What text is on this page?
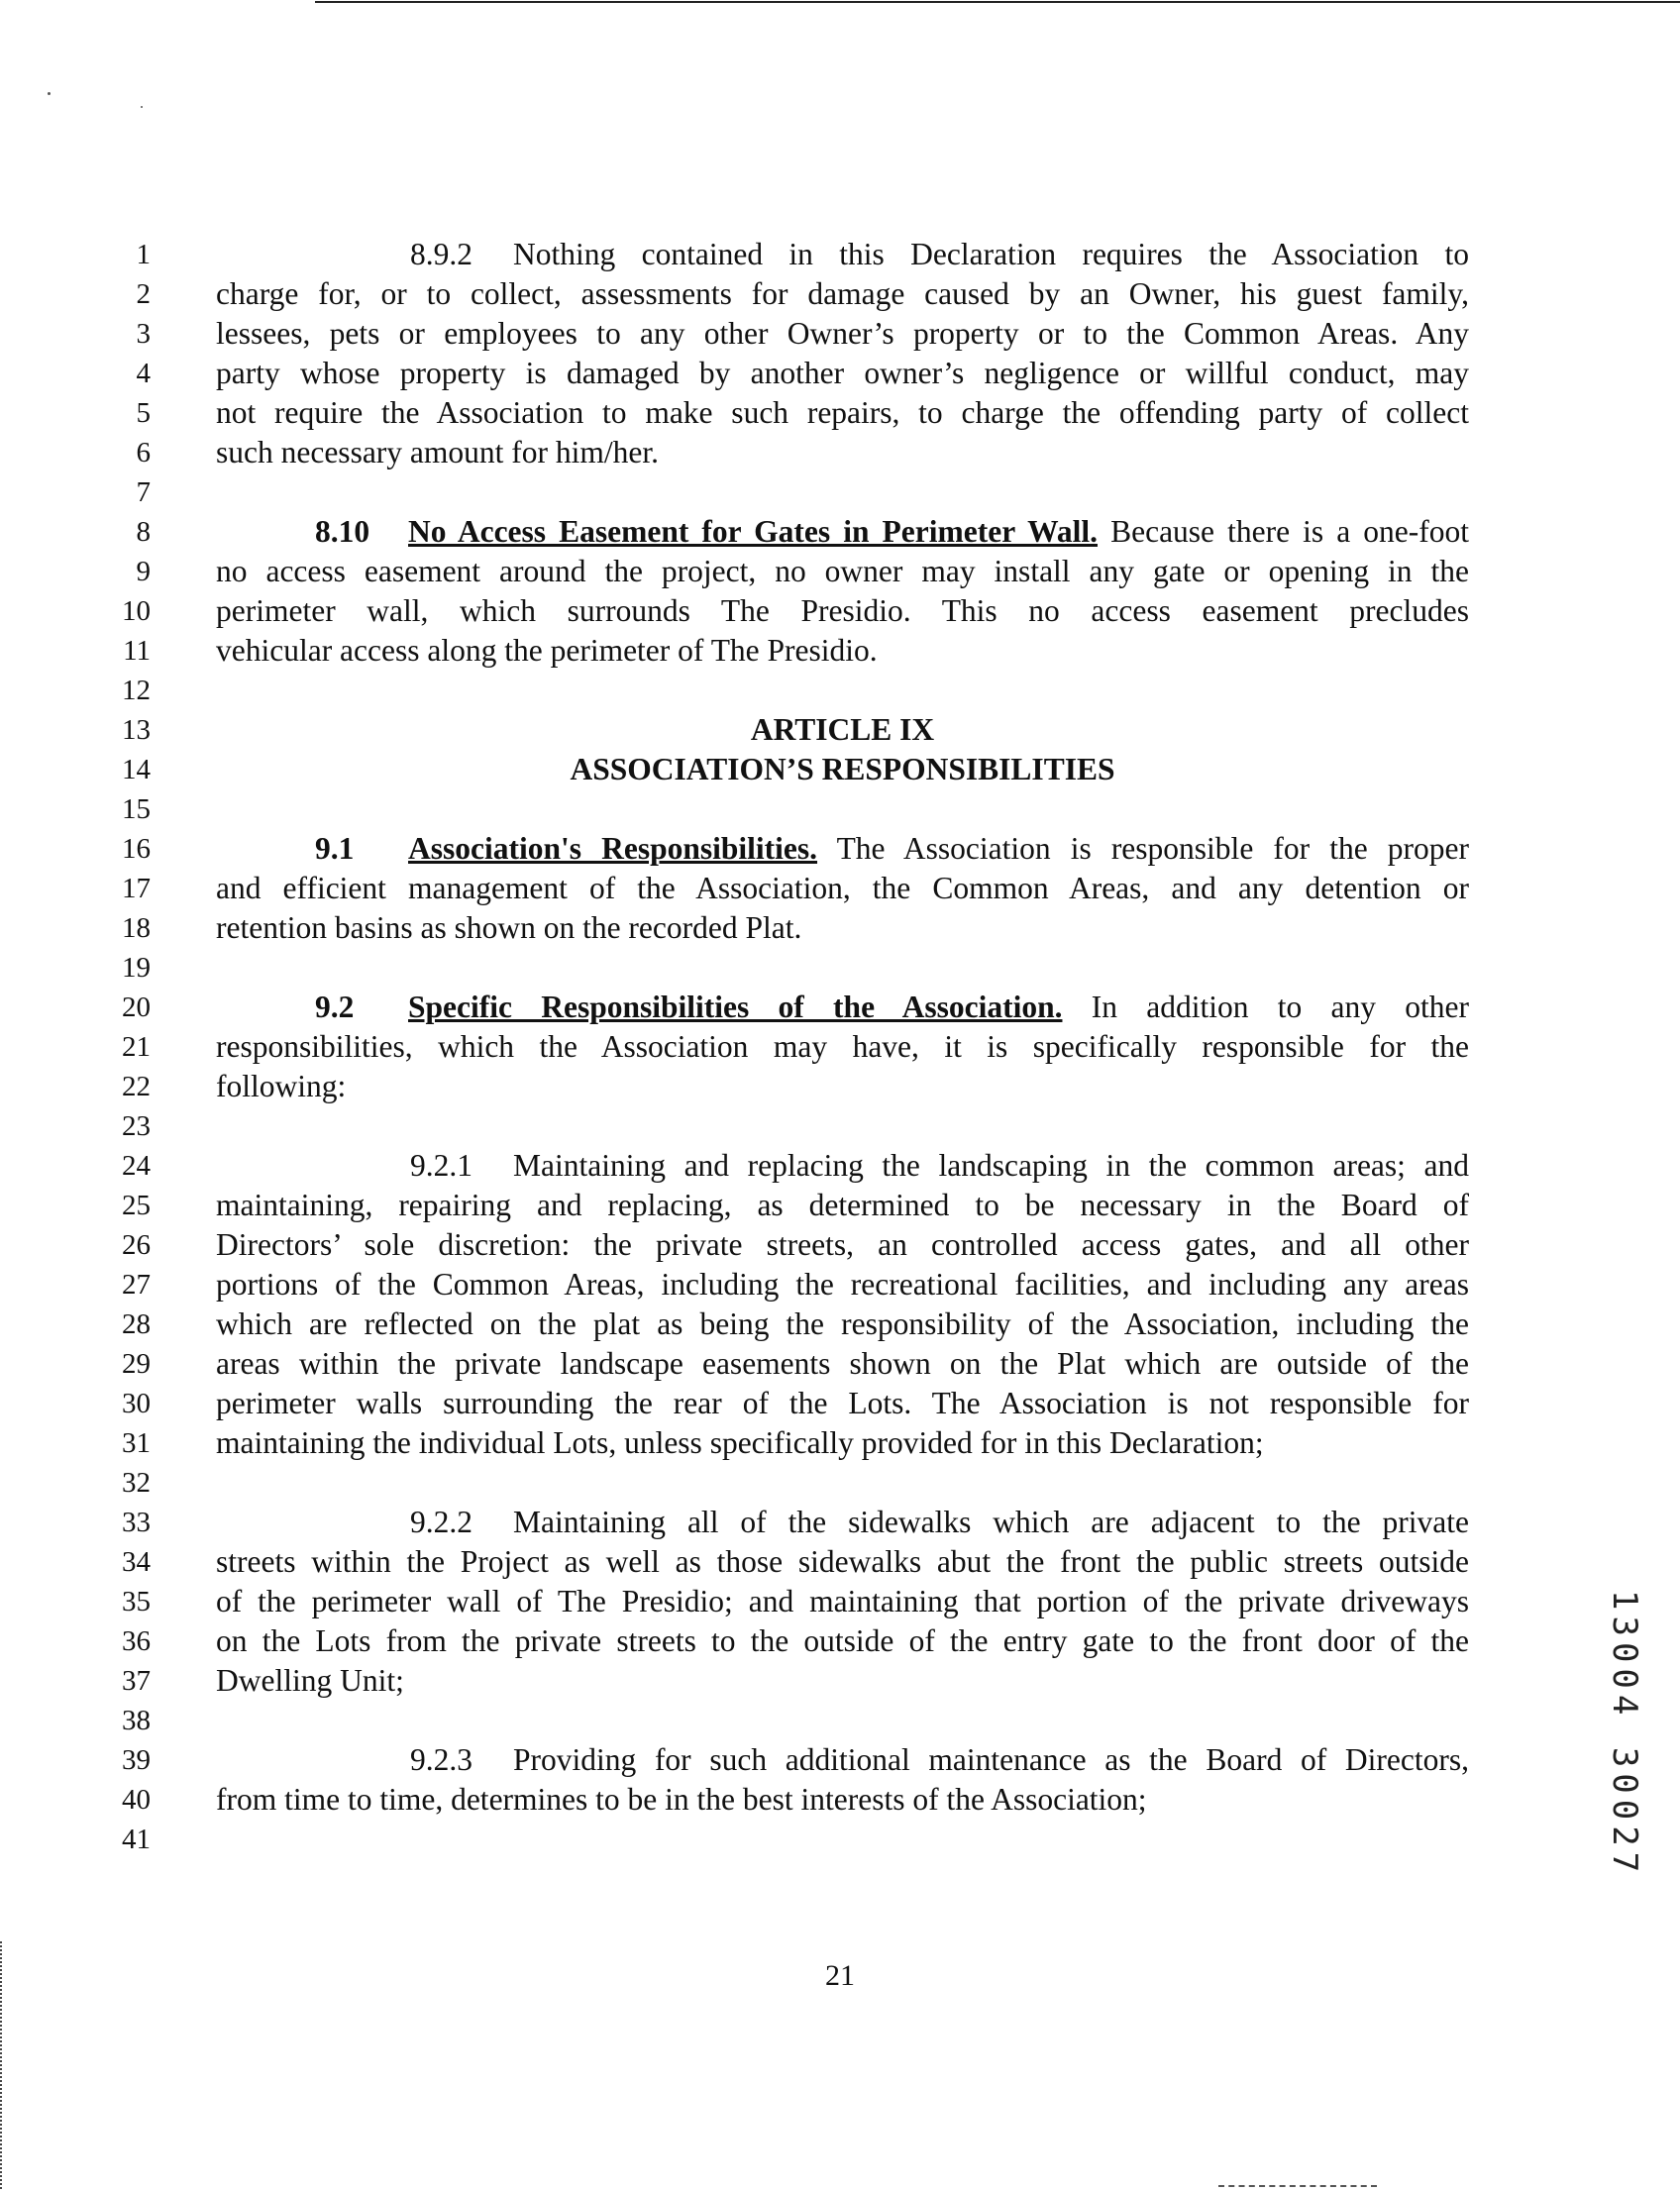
1
2
3
4
5
6
7
8
9
10
11
12
13
14
15
16
17
18
19
20
21
22
23
24
25
26
27
28
29
30
31
32
33
34
35
36
37
38
39
40
41
8.9.2 Nothing contained in this Declaration requires the Association to
charge for, or to collect, assessments for damage caused by an Owner, his guest family,
lessees, pets or employees to any other Owner’s property or to the Common Areas. Any
party whose property is damaged by another owner’s negligence or willful conduct, may
not require the Association to make such repairs, to charge the offending party of collect
such necessary amount for him/her.
8.10 No Access Easement for Gates in Perimeter Wall. Because there is a one-foot
no access easement around the project, no owner may install any gate or opening in the
perimeter wall, which surrounds The Presidio. This no access easement precludes
vehicular access along the perimeter of The Presidio.
ARTICLE IX
ASSOCIATION’S RESPONSIBILITIES
9.1 Association's Responsibilities. The Association is responsible for the proper
and efficient management of the Association, the Common Areas, and any detention or
retention basins as shown on the recorded Plat.
9.2 Specific Responsibilities of the Association. In addition to any other
responsibilities, which the Association may have, it is specifically responsible for the
following:
9.2.1 Maintaining and replacing the landscaping in the common areas; and
maintaining, repairing and replacing, as determined to be necessary in the Board of
Directors’ sole discretion: the private streets, an controlled access gates, and all other
portions of the Common Areas, including the recreational facilities, and including any areas
which are reflected on the plat as being the responsibility of the Association, including the
areas within the private landscape easements shown on the Plat which are outside of the
perimeter walls surrounding the rear of the Lots. The Association is not responsible for
maintaining the individual Lots, unless specifically provided for in this Declaration;
9.2.2 Maintaining all of the sidewalks which are adjacent to the private
streets within the Project as well as those sidewalks abut the front the public streets outside
of the perimeter wall of The Presidio; and maintaining that portion of the private driveways
on the Lots from the private streets to the outside of the entry gate to the front door of the
Dwelling Unit;
9.2.3 Providing for such additional maintenance as the Board of Directors,
from time to time, determines to be in the best interests of the Association;
21
13004 30027
